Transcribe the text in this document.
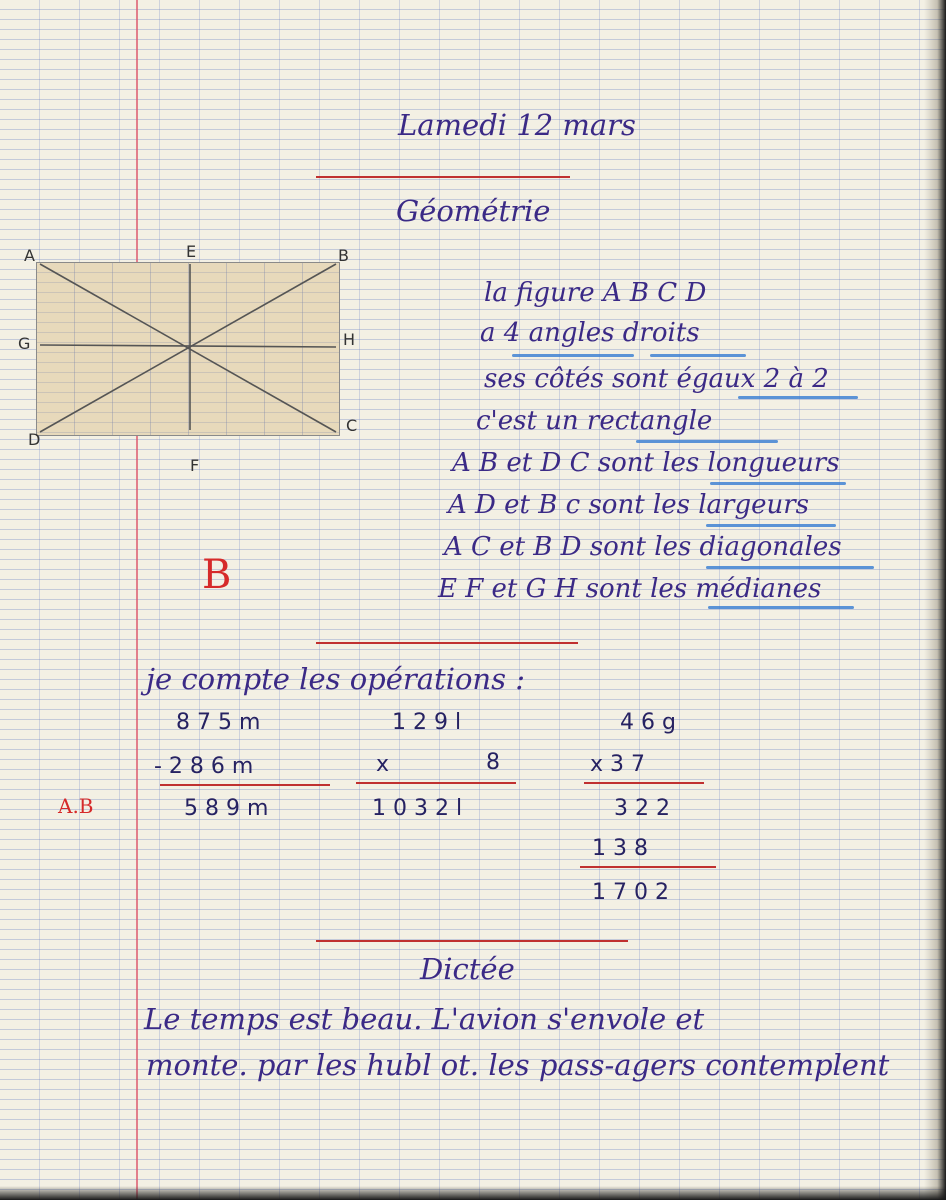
Lamedi 12 mars
Géométrie
A	E	B
G	H
D
C
F
la figure A B C D
a 4 angles droits
ses côtés sont égaux 2 à 2
c'est un rectangle
A B et D C sont les longueurs
A D et B c sont les largeurs
A C et B D sont les diagonales
E F et G H sont les médianes
B
je compte les opérations :
A.B
8 7 5 m
- 2 8 6 m
5 8 9 m
1 2 9 l
x	8
1 0 3 2 l
4 6 g
x 3 7
3 2 2
1 3 8
1 7 0 2
Dictée
Le temps est beau. L'avion s'envole et
monte. par les hubl ot. les pass-agers contemplent
